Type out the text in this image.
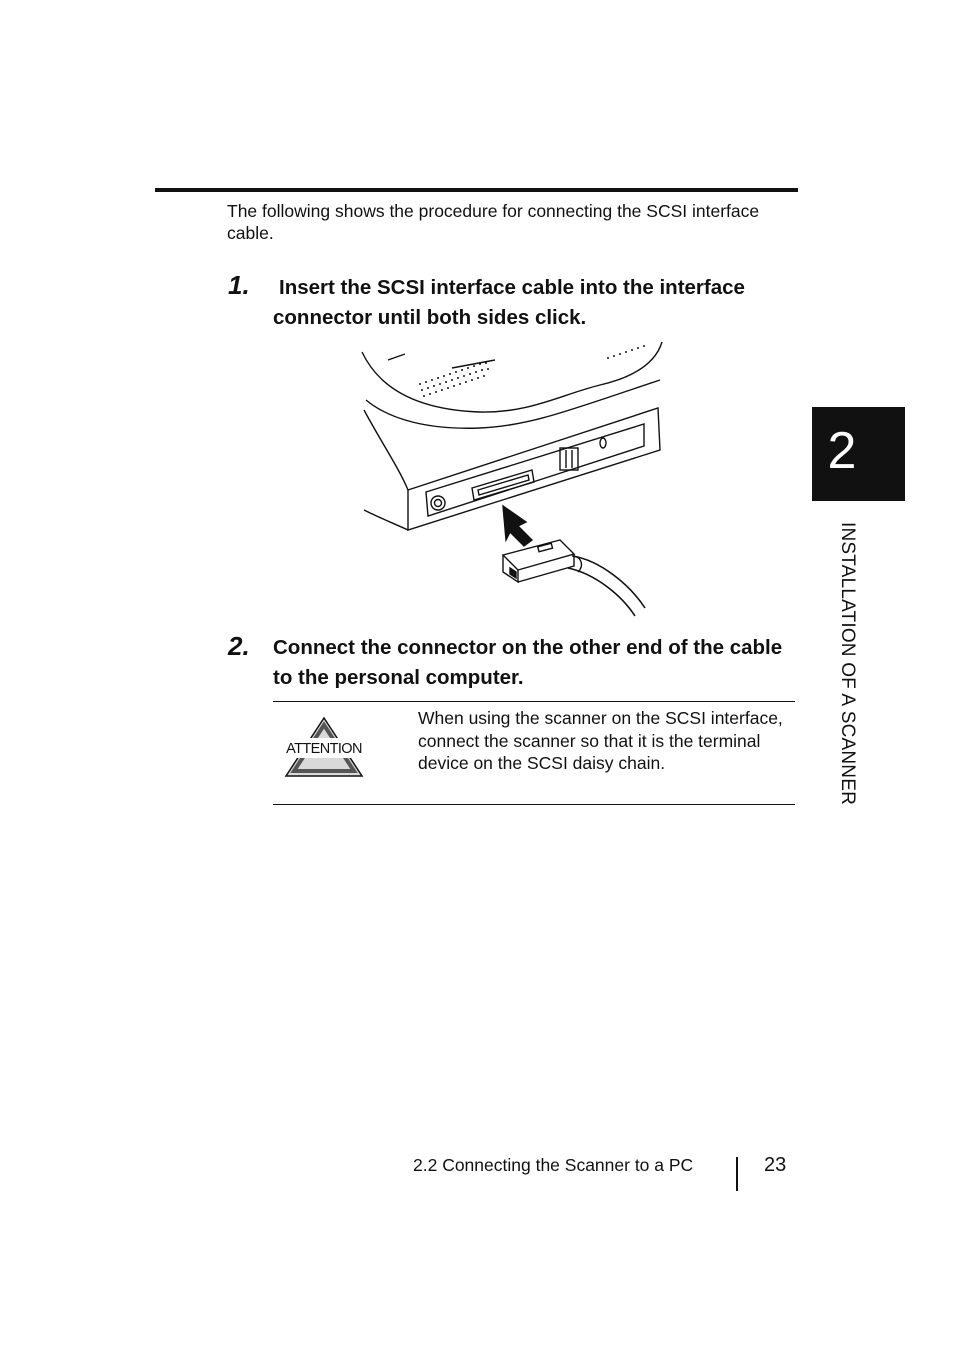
The following shows the procedure for connecting the SCSI interface cable.
1. Insert the SCSI interface cable into the interface connector until both sides click.
2. Connect the connector on the other end of the cable to the personal computer.
ATTENTION
When using the scanner on the SCSI interface, connect the scanner so that it is the terminal device on the SCSI daisy chain.
2
INSTALLATION OF A SCANNER
2.2 Connecting the Scanner to a PC	23
